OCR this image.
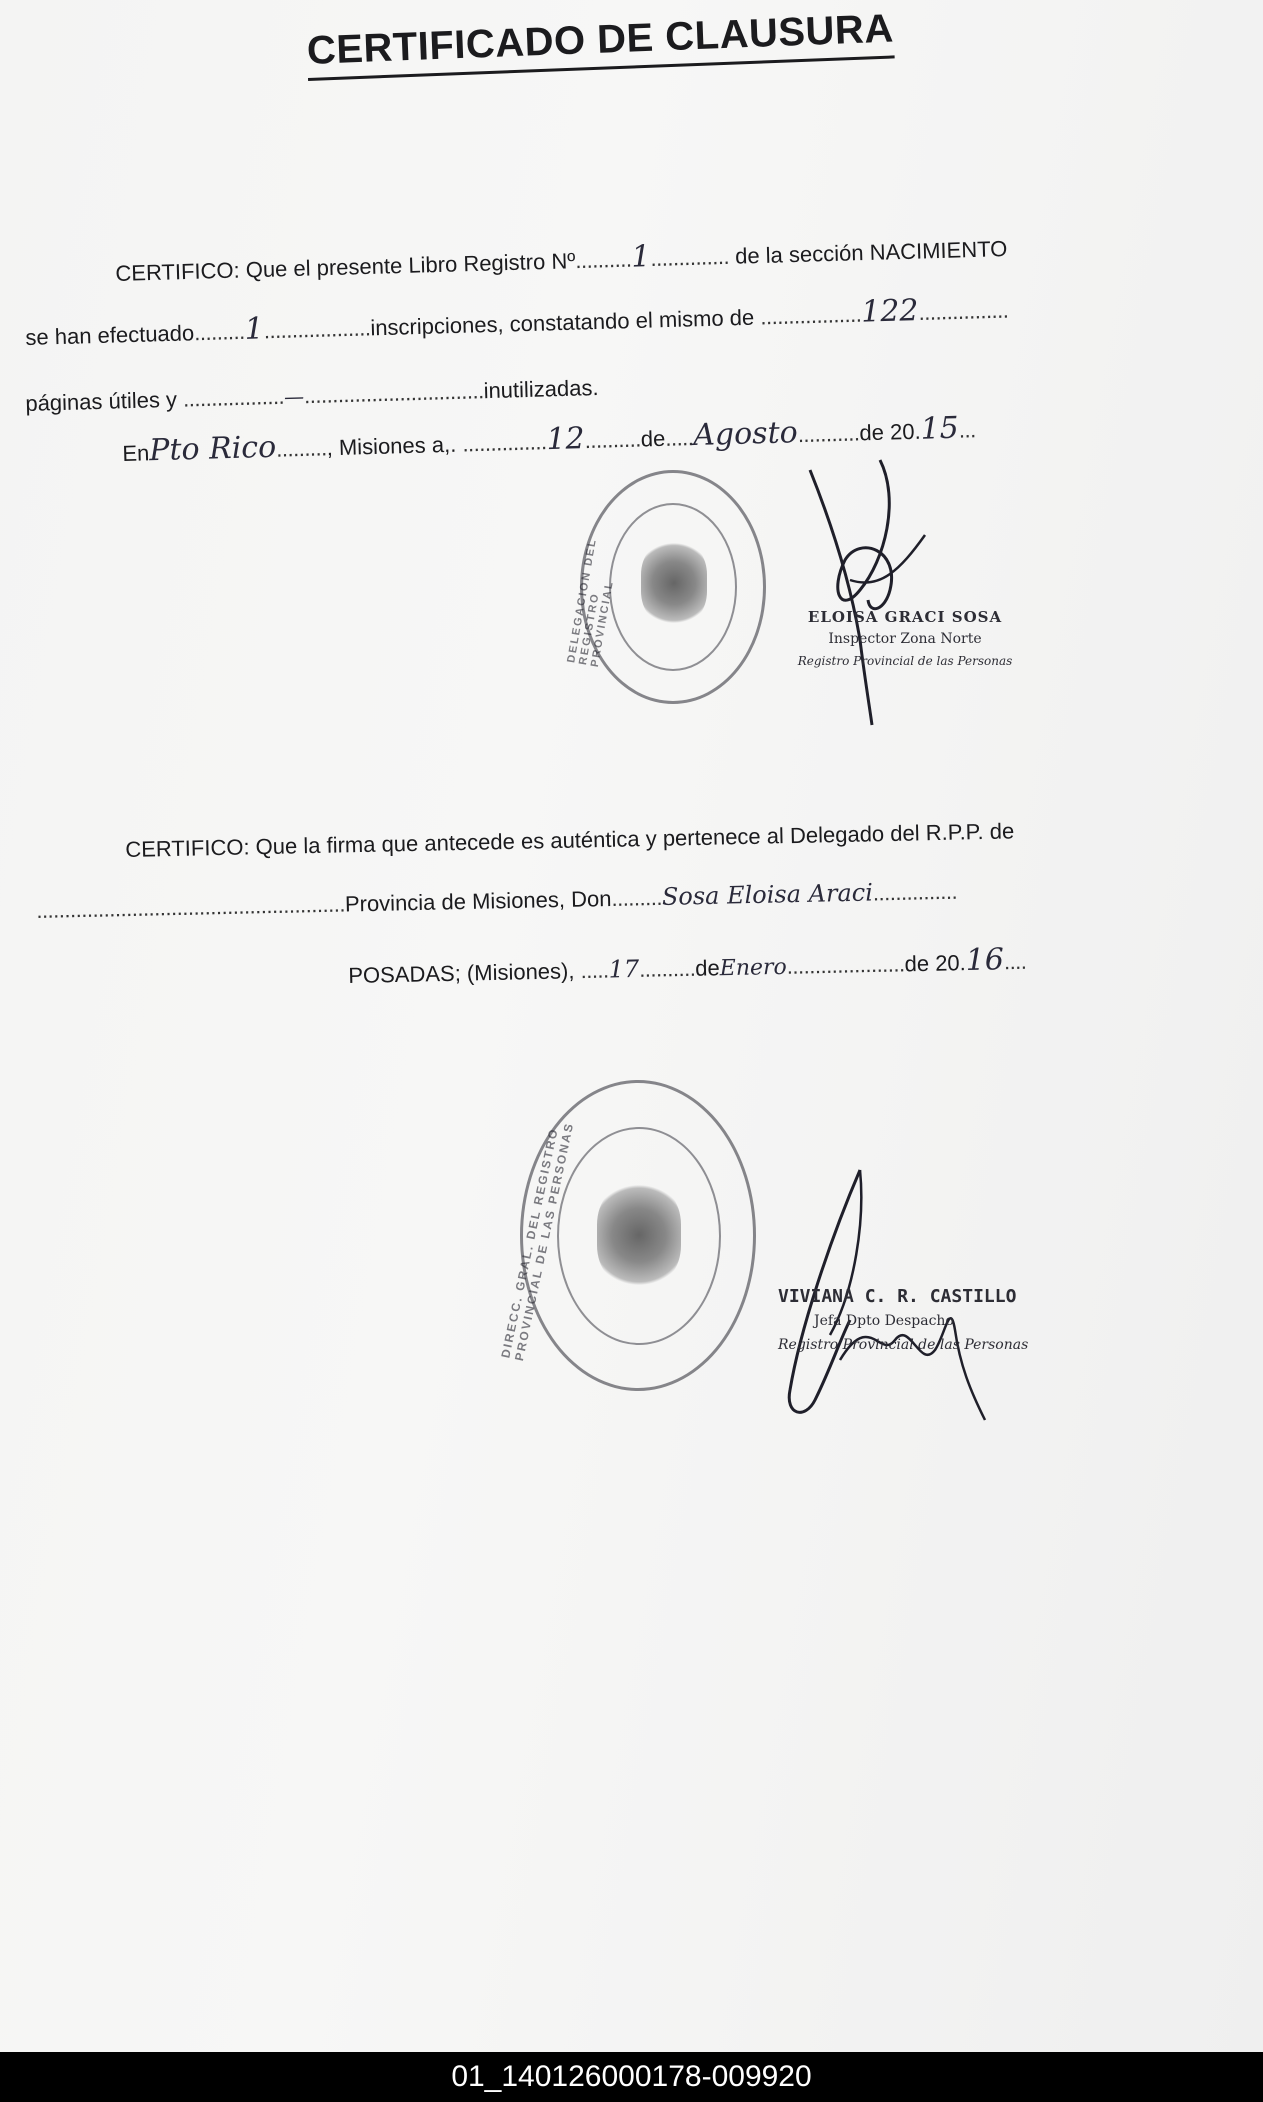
CERTIFICADO DE CLAUSURA
CERTIFICO: Que el presente Libro Registro Nº..........1.............. de la sección NACIMIENTO
se han efectuado.........1...................inscripciones, constatando el mismo de ..................122................
páginas útiles y ..................—................................inutilizadas.
EnPto Rico........., Misiones a,. ...............12..........de.....Agosto...........de 20.15...
DELEGACION DEL REGISTRO PROVINCIAL	ELOISA GRACI SOSA
Inspector Zona Norte
Registro Provincial de las Personas
CERTIFICO: Que la firma que antecede es auténtica y pertenece al Delegado del R.P.P. de
.......................................................Provincia de Misiones, Don.........Sosa Eloisa Araci...............
POSADAS; (Misiones), .....17..........deEnero.....................de 20.16....
DIRECC. GRAL. DEL REGISTRO PROVINCIAL DE LAS PERSONAS	VIVIANA C. R. CASTILLO
Jefa Dpto Despacho
Registro Provincial de las Personas
01_140126000178-009920
